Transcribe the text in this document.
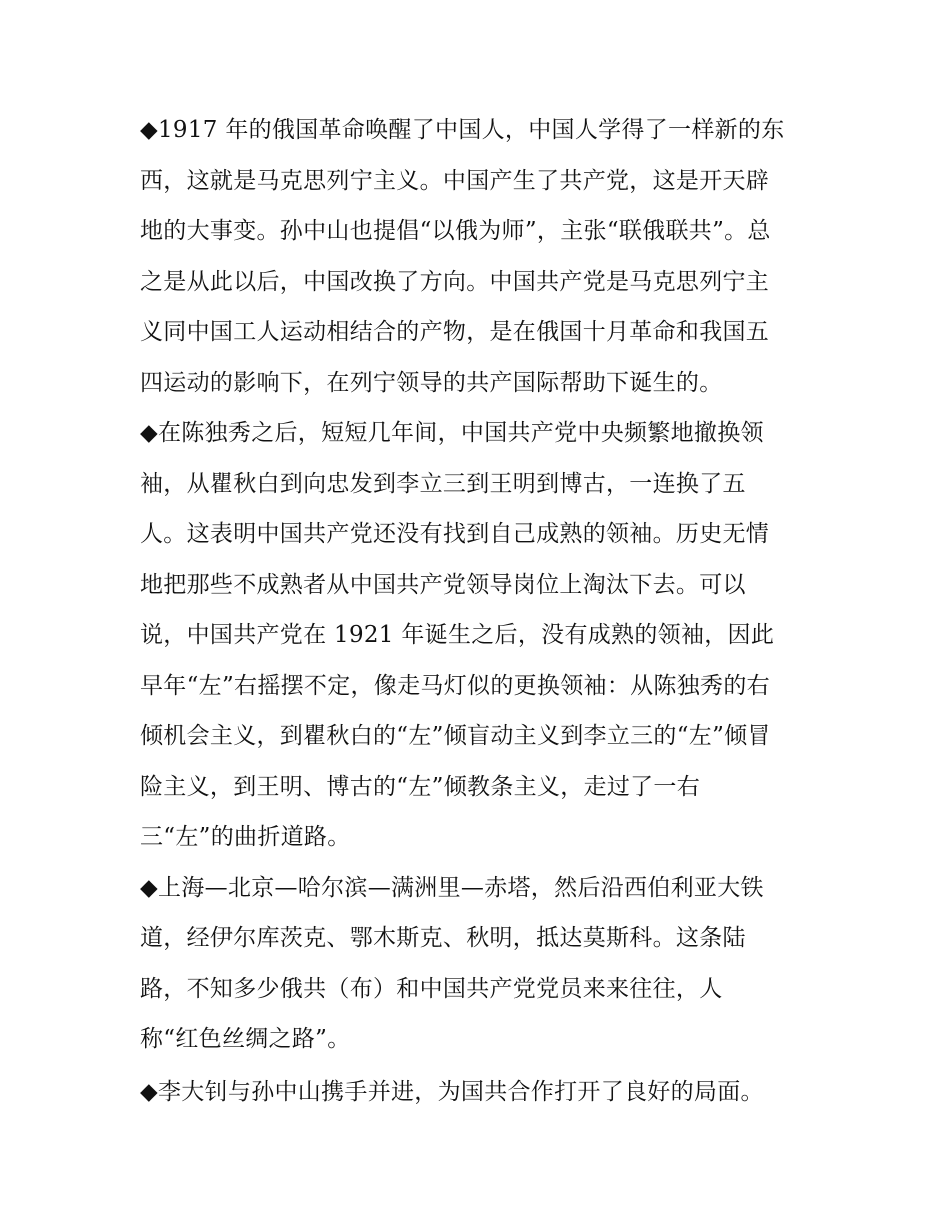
◆1917 年的俄国革命唤醒了中国人，中国人学得了一样新的东
西，这就是马克思列宁主义。中国产生了共产党，这是开天辟
地的大事变。孙中山也提倡“以俄为师”，主张“联俄联共”。总
之是从此以后，中国改换了方向。中国共产党是马克思列宁主
义同中国工人运动相结合的产物，是在俄国十月革命和我国五
四运动的影响下，在列宁领导的共产国际帮助下诞生的。
◆在陈独秀之后，短短几年间，中国共产党中央频繁地撤换领
袖，从瞿秋白到向忠发到李立三到王明到博古，一连换了五
人。这表明中国共产党还没有找到自己成熟的领袖。历史无情
地把那些不成熟者从中国共产党领导岗位上淘汰下去。可以
说，中国共产党在 1921 年诞生之后，没有成熟的领袖，因此
早年“左”右摇摆不定，像走马灯似的更换领袖：从陈独秀的右
倾机会主义，到瞿秋白的“左”倾盲动主义到李立三的“左”倾冒
险主义，到王明、博古的“左”倾教条主义，走过了一右
三“左”的曲折道路。
◆上海—北京—哈尔滨—满洲里—赤塔，然后沿西伯利亚大铁
道，经伊尔库茨克、鄂木斯克、秋明，抵达莫斯科。这条陆
路，不知多少俄共（布）和中国共产党党员来来往往，人
称“红色丝绸之路”。
◆李大钊与孙中山携手并进，为国共合作打开了良好的局面。
